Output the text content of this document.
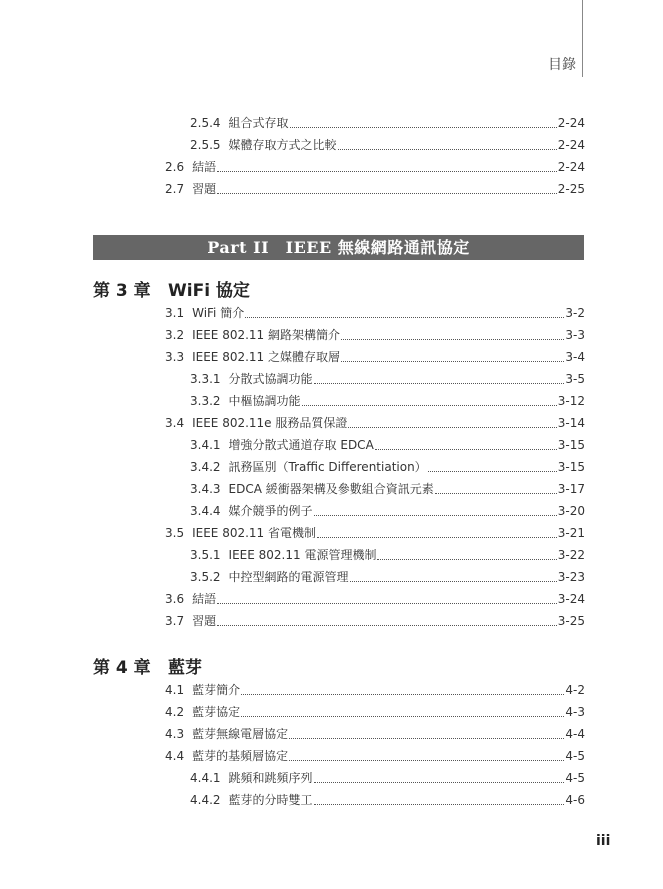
目錄
2.5.4 組合式存取	2-24
2.5.5 媒體存取方式之比較	2-24
2.6 結語	2-24
2.7 習題	2-25
Part II　IEEE 無線網路通訊協定
第 3 章 WiFi 協定
3.1 WiFi 簡介	3-2
3.2 IEEE 802.11 網路架構簡介	3-3
3.3 IEEE 802.11 之媒體存取層	3-4
3.3.1 分散式協調功能	3-5
3.3.2 中樞協調功能	3-12
3.4 IEEE 802.11e 服務品質保證	3-14
3.4.1 增強分散式通道存取 EDCA	3-15
3.4.2 訊務區別（Traffic Differentiation）	3-15
3.4.3 EDCA 緩衝器架構及參數組合資訊元素	3-17
3.4.4 媒介競爭的例子	3-20
3.5 IEEE 802.11 省電機制	3-21
3.5.1 IEEE 802.11 電源管理機制	3-22
3.5.2 中控型網路的電源管理	3-23
3.6 結語	3-24
3.7 習題	3-25
第 4 章 藍芽
4.1 藍芽簡介	4-2
4.2 藍芽協定	4-3
4.3 藍芽無線電層協定	4-4
4.4 藍芽的基頻層協定	4-5
4.4.1 跳頻和跳頻序列	4-5
4.4.2 藍芽的分時雙工	4-6
iii
